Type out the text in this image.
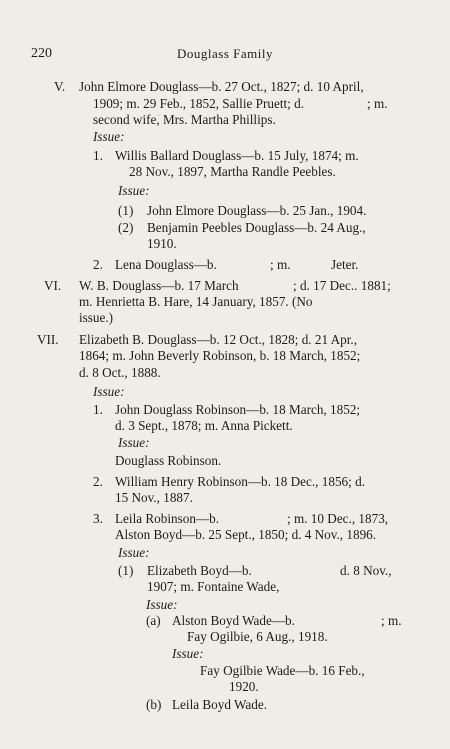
220	Douglass Family
V. John Elmore Douglass—b. 27 Oct., 1827; d. 10 April,
1909; m. 29 Feb., 1852, Sallie Pruett; d.	; m.
second wife, Mrs. Martha Phillips.
Issue:
1. Willis Ballard Douglass—b. 15 July, 1874; m.
28 Nov., 1897, Martha Randle Peebles.
Issue:
(1) John Elmore Douglass—b. 25 Jan., 1904.
(2) Benjamin Peebles Douglass—b. 24 Aug.,
1910.
2. Lena Douglass—b.	; m.	Jeter.
VI. W. B. Douglass—b. 17 March	; d. 17 Dec.. 1881;
m. Henrietta B. Hare, 14 January, 1857. (No
issue.)
VII. Elizabeth B. Douglass—b. 12 Oct., 1828; d. 21 Apr.,
1864; m. John Beverly Robinson, b. 18 March, 1852;
d. 8 Oct., 1888.
Issue:
1. John Douglass Robinson—b. 18 March, 1852;
d. 3 Sept., 1878; m. Anna Pickett.
Issue:
Douglass Robinson.
2. William Henry Robinson—b. 18 Dec., 1856; d.
15 Nov., 1887.
3. Leila Robinson—b.	; m. 10 Dec., 1873,
Alston Boyd—b. 25 Sept., 1850; d. 4 Nov., 1896.
Issue:
(1) Elizabeth Boyd—b.	d. 8 Nov.,
1907; m. Fontaine Wade,
Issue:
(a) Alston Boyd Wade—b.	; m.
Fay Ogilbie, 6 Aug., 1918.
Issue:
Fay Ogilbie Wade—b. 16 Feb.,
1920.
(b) Leila Boyd Wade.
